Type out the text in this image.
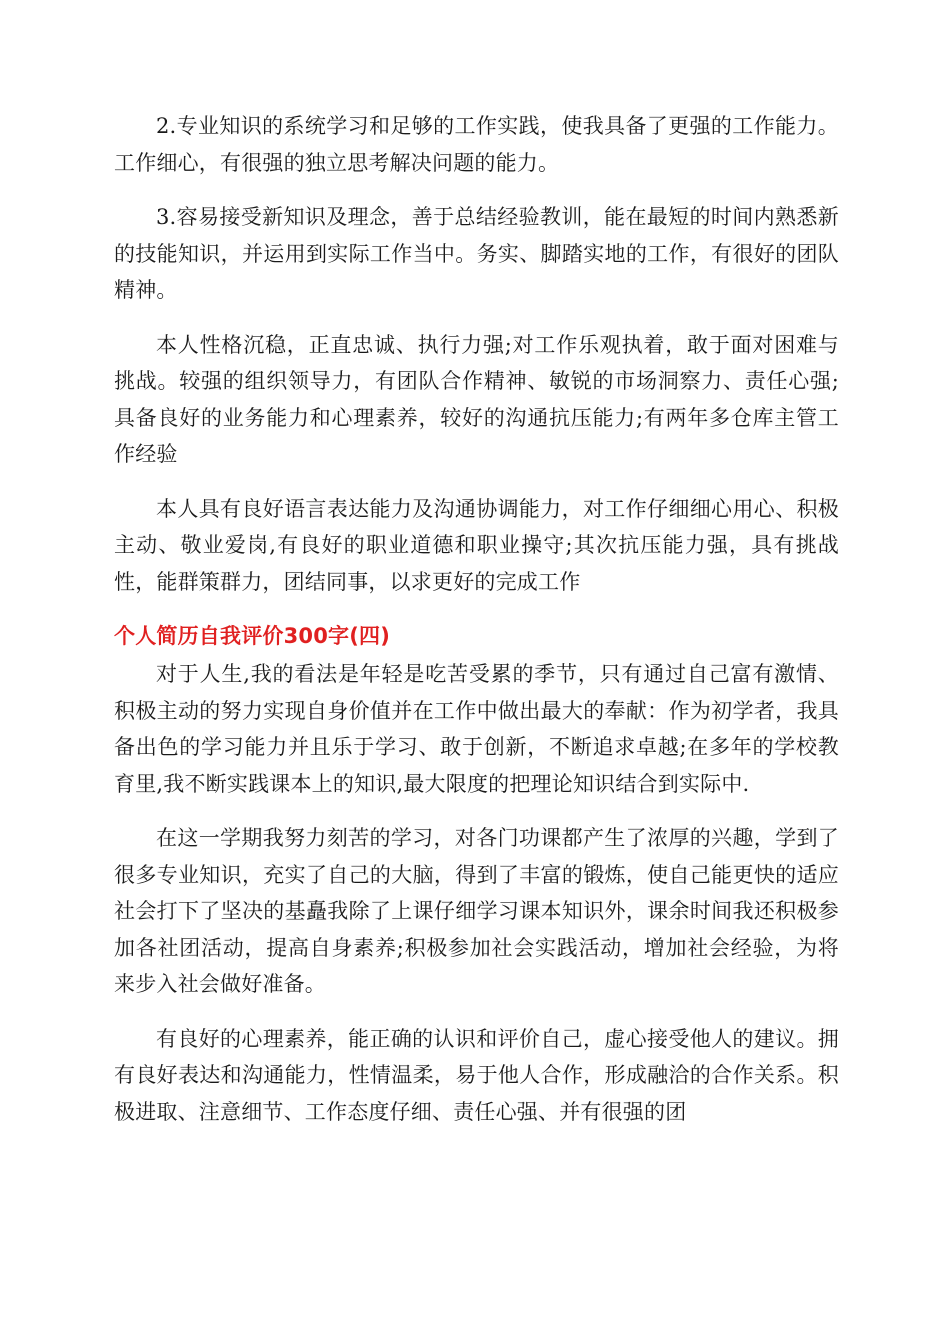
2.专业知识的系统学习和足够的工作实践，使我具备了更强的工作能力。工作细心，有很强的独立思考解决问题的能力。

3.容易接受新知识及理念，善于总结经验教训，能在最短的时间内熟悉新的技能知识，并运用到实际工作当中。务实、脚踏实地的工作，有很好的团队精神。

本人性格沉稳，正直忠诚、执行力强;对工作乐观执着，敢于面对困难与挑战。较强的组织领导力，有团队合作精神、敏锐的市场洞察力、责任心强;具备良好的业务能力和心理素养，较好的沟通抗压能力;有两年多仓库主管工作经验

本人具有良好语言表达能力及沟通协调能力，对工作仔细细心用心、积极主动、敬业爱岗,有良好的职业道德和职业操守;其次抗压能力强，具有挑战性，能群策群力，团结同事，以求更好的完成工作

个人简历自我评价300字(四)

对于人生,我的看法是年轻是吃苦受累的季节，只有通过自己富有激情、积极主动的努力实现自身价值并在工作中做出最大的奉献：作为初学者，我具备出色的学习能力并且乐于学习、敢于创新，不断追求卓越;在多年的学校教育里,我不断实践课本上的知识,最大限度的把理论知识结合到实际中.

在这一学期我努力刻苦的学习，对各门功课都产生了浓厚的兴趣，学到了很多专业知识，充实了自己的大脑，得到了丰富的锻炼，使自己能更快的适应社会打下了坚决的基矗我除了上课仔细学习课本知识外，课余时间我还积极参加各社团活动，提高自身素养;积极参加社会实践活动，增加社会经验，为将来步入社会做好准备。

有良好的心理素养，能正确的认识和评价自己，虚心接受他人的建议。拥有良好表达和沟通能力，性情温柔，易于他人合作，形成融洽的合作关系。积极进取、注意细节、工作态度仔细、责任心强、并有很强的团
